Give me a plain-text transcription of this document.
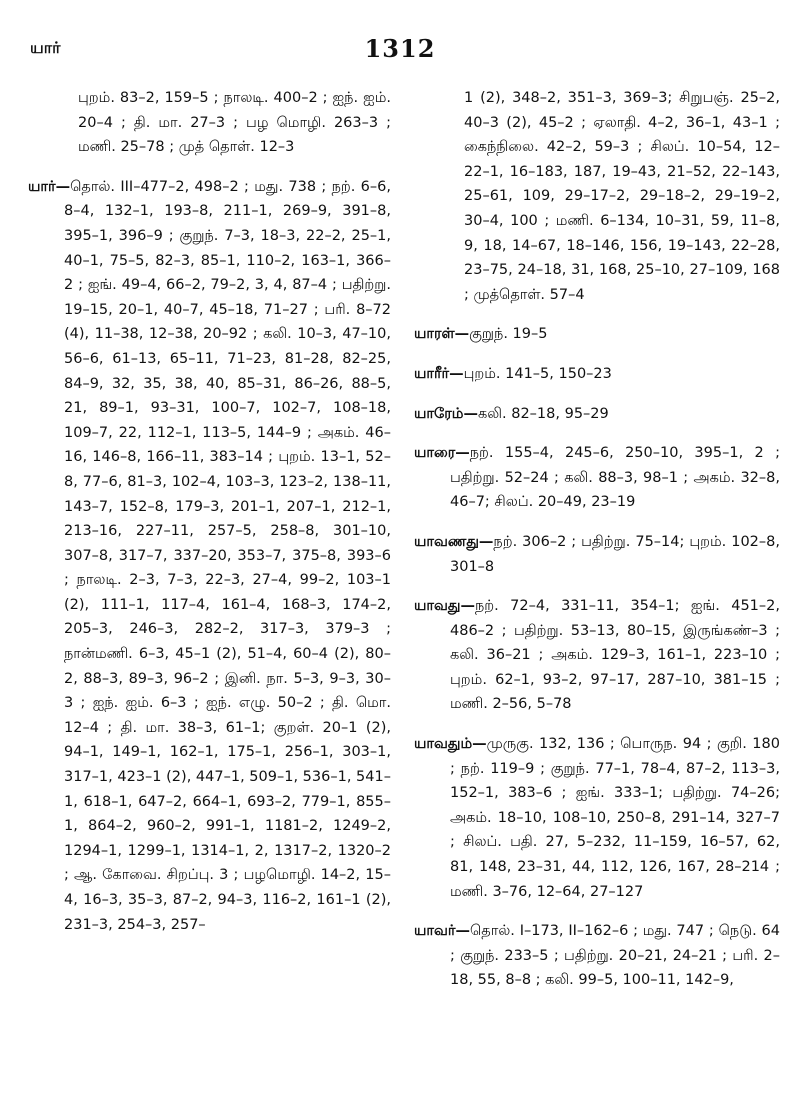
யார்	1312
புறம். 83–2, 159–5 ; நாலடி. 400–2 ; ஐந். ஐம். 20–4 ; தி. மா. 27–3 ; பழ மொழி. 263–3 ; மணி. 25–78 ; முத் தொள். 12–3
யார்—தொல். III–477–2, 498–2 ; மது. 738 ; நற். 6–6, 8–4, 132–1, 193–8, 211–1, 269–9, 391–8, 395–1, 396–9 ; குறுந். 7–3, 18–3, 22–2, 25–1, 40–1, 75–5, 82–3, 85–1, 110–2, 163–1, 366–2 ; ஐங். 49–4, 66–2, 79–2, 3, 4, 87–4 ; பதிற்று. 19–15, 20–1, 40–7, 45–18, 71–27 ; பரி. 8–72 (4), 11–38, 12–38, 20–92 ; கலி. 10–3, 47–10, 56–6, 61–13, 65–11, 71–23, 81–28, 82–25, 84–9, 32, 35, 38, 40, 85–31, 86–26, 88–5, 21, 89–1, 93–31, 100–7, 102–7, 108–18, 109–7, 22, 112–1, 113–5, 144–9 ; அகம். 46–16, 146–8, 166–11, 383–14 ; புறம். 13–1, 52–8, 77–6, 81–3, 102–4, 103–3, 123–2, 138–11, 143–7, 152–8, 179–3, 201–1, 207–1, 212–1, 213–16, 227–11, 257–5, 258–8, 301–10, 307–8, 317–7, 337–20, 353–7, 375–8, 393–6 ; நாலடி. 2–3, 7–3, 22–3, 27–4, 99–2, 103–1 (2), 111–1, 117–4, 161–4, 168–3, 174–2, 205–3, 246–3, 282–2, 317–3, 379–3 ; நான்மணி. 6–3, 45–1 (2), 51–4, 60–4 (2), 80–2, 88–3, 89–3, 96–2 ; இனி. நா. 5–3, 9–3, 30–3 ; ஐந். ஐம். 6–3 ; ஐந். எழு. 50–2 ; தி. மொ. 12–4 ; தி. மா. 38–3, 61–1; குறள். 20–1 (2), 94–1, 149–1, 162–1, 175–1, 256–1, 303–1, 317–1, 423–1 (2), 447–1, 509–1, 536–1, 541–1, 618–1, 647–2, 664–1, 693–2, 779–1, 855–1, 864–2, 960–2, 991–1, 1181–2, 1249–2, 1294–1, 1299–1, 1314–1, 2, 1317–2, 1320–2 ; ஆ. கோவை. சிறப்பு. 3 ; பழமொழி. 14–2, 15–4, 16–3, 35–3, 87–2, 94–3, 116–2, 161–1 (2), 231–3, 254–3, 257–
1 (2), 348–2, 351–3, 369–3; சிறுபஞ். 25–2, 40–3 (2), 45–2 ; ஏலாதி. 4–2, 36–1, 43–1 ; கைந்நிலை. 42–2, 59–3 ; சிலப். 10–54, 12–22–1, 16–183, 187, 19–43, 21–52, 22–143, 25–61, 109, 29–17–2, 29–18–2, 29–19–2, 30–4, 100 ; மணி. 6–134, 10–31, 59, 11–8, 9, 18, 14–67, 18–146, 156, 19–143, 22–28, 23–75, 24–18, 31, 168, 25–10, 27–109, 168 ; முத்தொள். 57–4
யாரள்—குறுந். 19–5
யாரீர்—புறம். 141–5, 150–23
யாரேம்—கலி. 82–18, 95–29
யாரை—நற். 155–4, 245–6, 250–10, 395–1, 2 ; பதிற்று. 52–24 ; கலி. 88–3, 98–1 ; அகம். 32–8, 46–7; சிலப். 20–49, 23–19
யாவணது—நற். 306–2 ; பதிற்று. 75–14; புறம். 102–8, 301–8
யாவது—நற். 72–4, 331–11, 354–1; ஐங். 451–2, 486–2 ; பதிற்று. 53–13, 80–15, இருங்கண்–3 ; கலி. 36–21 ; அகம். 129–3, 161–1, 223–10 ; புறம். 62–1, 93–2, 97–17, 287–10, 381–15 ; மணி. 2–56, 5–78
யாவதும்—முருகு. 132, 136 ; பொருந. 94 ; குறி. 180 ; நற். 119–9 ; குறுந். 77–1, 78–4, 87–2, 113–3, 152–1, 383–6 ; ஐங். 333–1; பதிற்று. 74–26; அகம். 18–10, 108–10, 250–8, 291–14, 327–7 ; சிலப். பதி. 27, 5–232, 11–159, 16–57, 62, 81, 148, 23–31, 44, 112, 126, 167, 28–214 ; மணி. 3–76, 12–64, 27–127
யாவர்—தொல். I–173, II–162–6 ; மது. 747 ; நெடு. 64 ; குறுந். 233–5 ; பதிற்று. 20–21, 24–21 ; பரி. 2–18, 55, 8–8 ; கலி. 99–5, 100–11, 142–9,
